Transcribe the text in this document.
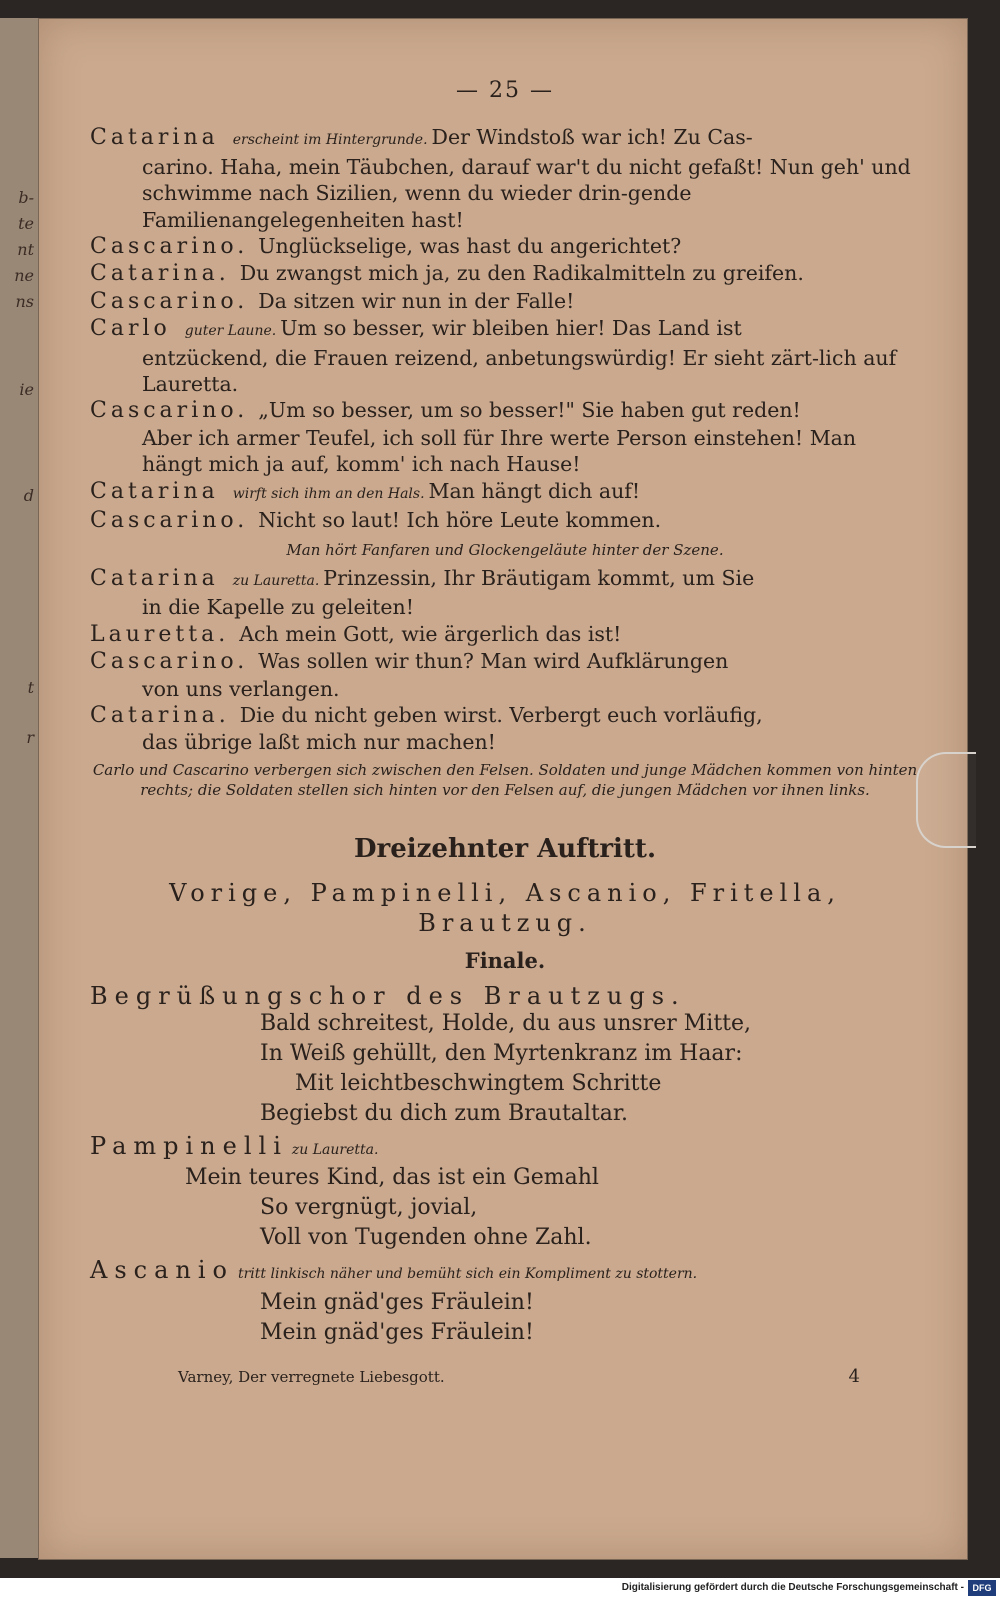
b-
te
nt
ne
ns
ie
d
t
r
— 25 —

Catarina erscheint im Hintergrunde. Der Windstoß war ich! Zu Cas-
carino. Haha, mein Täubchen, darauf war't du nicht gefaßt! Nun geh' und schwimme nach Sizilien, wenn du wieder drin-gende Familienangelegenheiten hast!

Cascarino. Unglückselige, was hast du angerichtet?

Catarina. Du zwangst mich ja, zu den Radikalmitteln zu greifen.

Cascarino. Da sitzen wir nun in der Falle!

Carlo guter Laune. Um so besser, wir bleiben hier! Das Land ist
entzückend, die Frauen reizend, anbetungswürdig! Er sieht zärt-lich auf Lauretta.

Cascarino. „Um so besser, um so besser!" Sie haben gut reden!
Aber ich armer Teufel, ich soll für Ihre werte Person einstehen! Man hängt mich ja auf, komm' ich nach Hause!

Catarina wirft sich ihm an den Hals. Man hängt dich auf!

Cascarino. Nicht so laut! Ich höre Leute kommen.

Man hört Fanfaren und Glockengeläute hinter der Szene.

Catarina zu Lauretta. Prinzessin, Ihr Bräutigam kommt, um Sie
in die Kapelle zu geleiten!

Lauretta. Ach mein Gott, wie ärgerlich das ist!

Cascarino. Was sollen wir thun? Man wird Aufklärungen
von uns verlangen.

Catarina. Die du nicht geben wirst. Verbergt euch vorläufig,
das übrige laßt mich nur machen!

Carlo und Cascarino verbergen sich zwischen den Felsen. Soldaten und junge Mädchen kommen von hinten rechts; die Soldaten stellen sich hinten vor den Felsen auf, die jungen Mädchen vor ihnen links.
Dreizehnter Auftritt.
Vorige, Pampinelli, Ascanio, Fritella,
Brautzug.
Finale.
Begrüßungschor des Brautzugs.
Bald schreitest, Holde, du aus unsrer Mitte,
In Weiß gehüllt, den Myrtenkranz im Haar:
Mit leichtbeschwingtem Schritte
Begiebst du dich zum Brautaltar.
Pampinelli zu Lauretta.
Mein teures Kind, das ist ein Gemahl
So vergnügt, jovial,
Voll von Tugenden ohne Zahl.
Ascanio tritt linkisch näher und bemüht sich ein Kompliment zu stottern.
Mein gnäd'ges Fräulein!
Mein gnäd'ges Fräulein!
Varney, Der verregnete Liebesgott.	4
Digitalisierung gefördert durch die Deutsche Forschungsgemeinschaft - DFG
